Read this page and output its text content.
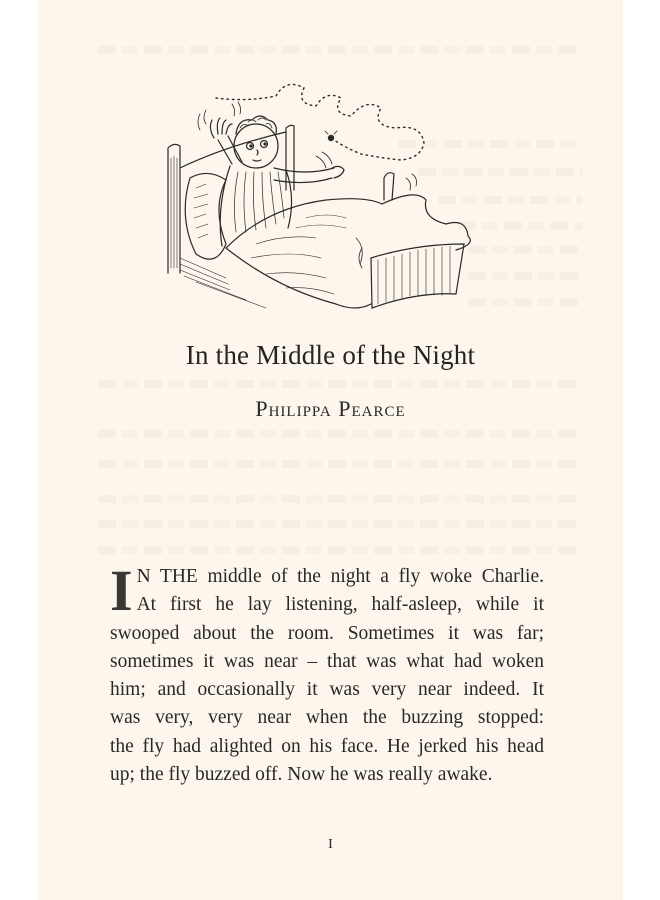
In the Middle of the Night
Philippa Pearce
I N THE middle of the night a fly woke Charlie.
At first he lay listening, half-asleep, while it
swooped about the room. Sometimes it was far;
sometimes it was near – that was what had woken
him; and occasionally it was very near indeed. It
was very, very near when the buzzing stopped:
the fly had alighted on his face. He jerked his head
up; the fly buzzed off. Now he was really awake.
I
